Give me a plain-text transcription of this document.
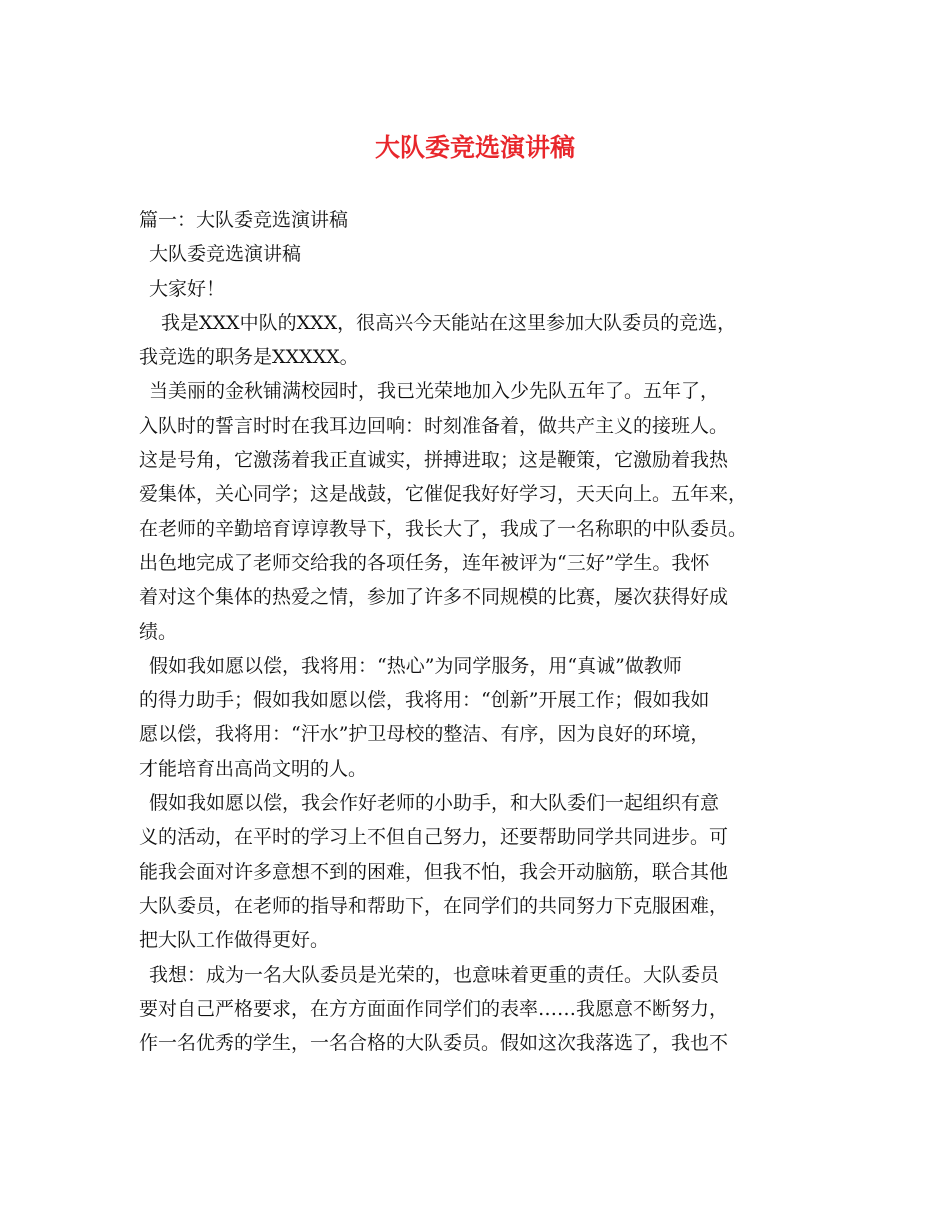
大队委竞选演讲稿
篇一：大队委竞选演讲稿
大队委竞选演讲稿
大家好！
我是XXX中队的XXX，很高兴今天能站在这里参加大队委员的竞选，
我竞选的职务是XXXXX。
当美丽的金秋铺满校园时，我已光荣地加入少先队五年了。五年了，
入队时的誓言时时在我耳边回响：时刻准备着，做共产主义的接班人。
这是号角，它激荡着我正直诚实，拼搏进取；这是鞭策，它激励着我热
爱集体，关心同学；这是战鼓，它催促我好好学习，天天向上。五年来，
在老师的辛勤培育谆谆教导下，我长大了，我成了一名称职的中队委员。
出色地完成了老师交给我的各项任务，连年被评为“三好”学生。我怀
着对这个集体的热爱之情，参加了许多不同规模的比赛，屡次获得好成
绩。
假如我如愿以偿，我将用：“热心”为同学服务，用“真诚”做教师
的得力助手；假如我如愿以偿，我将用：“创新”开展工作；假如我如
愿以偿，我将用：“汗水”护卫母校的整洁、有序，因为良好的环境，
才能培育出高尚文明的人。
假如我如愿以偿，我会作好老师的小助手，和大队委们一起组织有意
义的活动，在平时的学习上不但自己努力，还要帮助同学共同进步。可
能我会面对许多意想不到的困难，但我不怕，我会开动脑筋，联合其他
大队委员，在老师的指导和帮助下，在同学们的共同努力下克服困难，
把大队工作做得更好。
我想：成为一名大队委员是光荣的，也意味着更重的责任。大队委员
要对自己严格要求，在方方面面作同学们的表率……我愿意不断努力，
作一名优秀的学生，一名合格的大队委员。假如这次我落选了，我也不
